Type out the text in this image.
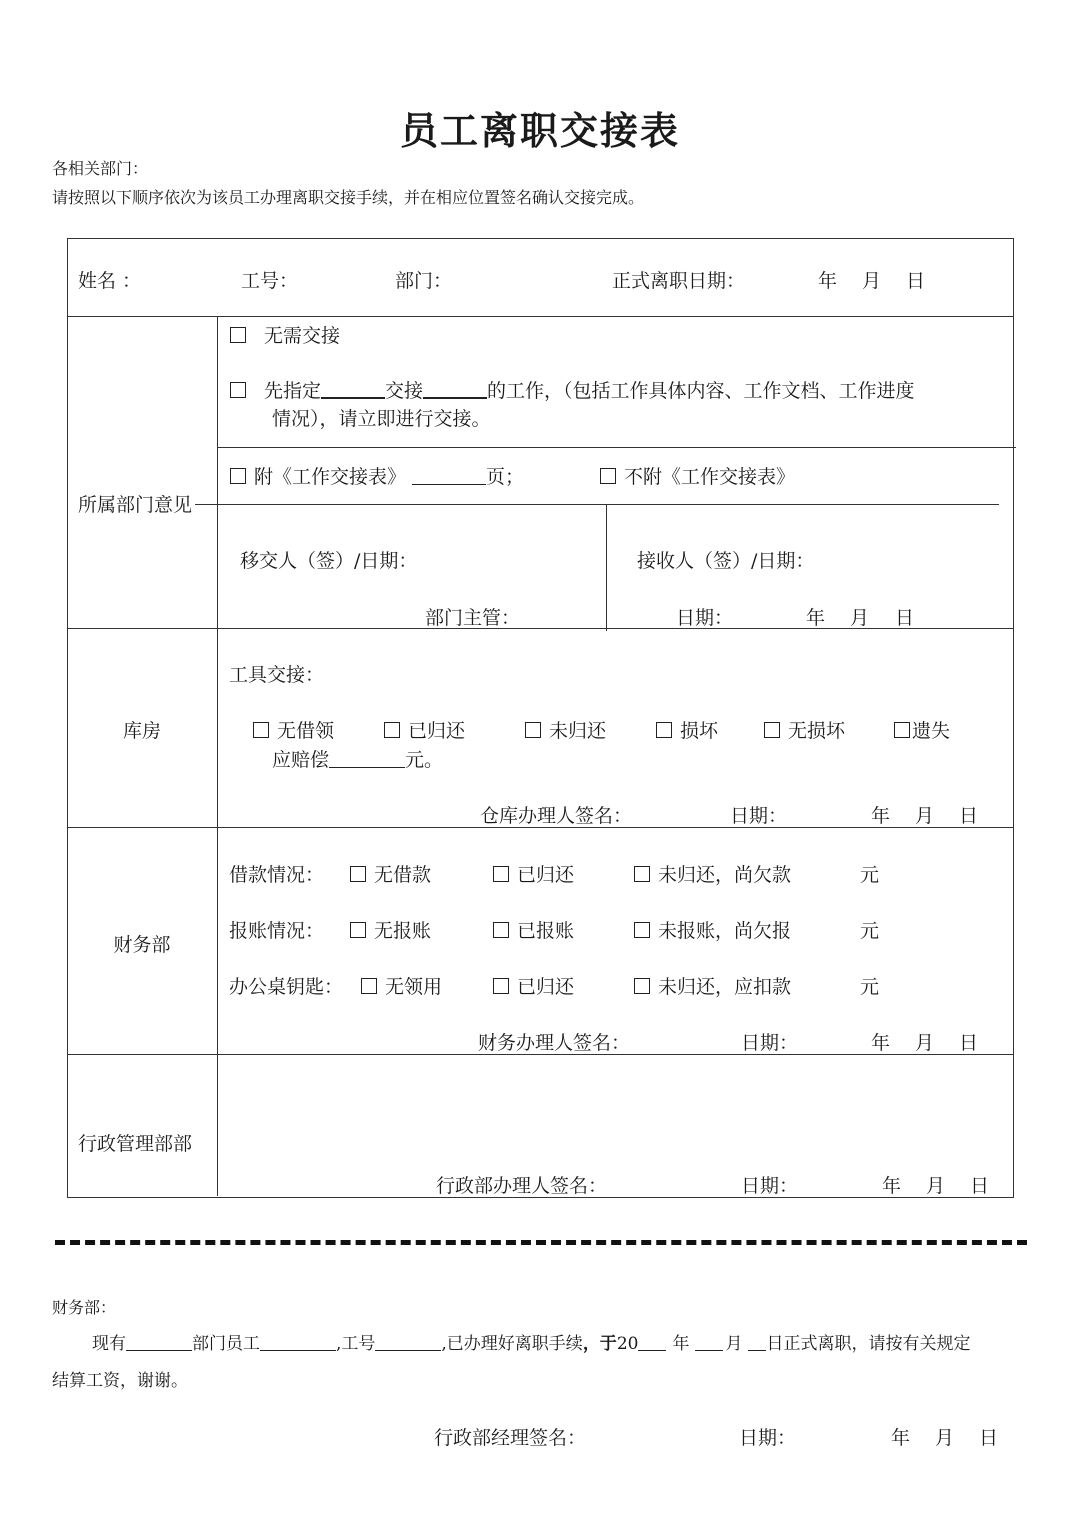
员工离职交接表
各相关部门：
请按照以下顺序依次为该员工办理离职交接手续，并在相应位置签名确认交接完成。
姓名 ：	工号：	部门：	正式离职日期：	年 月 日
所属部门意见
无需交接
先指定	交接	的工作，（包括工作具体内容、工作文档、工作进度
情况），请立即进行交接。
附《工作交接表》	页；	不附《工作交接表》
移交人（签）/日期：	接收人（签）/日期：
部门主管：	日期：	年 月 日
库房
工具交接：
无借领	已归还	未归还	损坏	无损坏	遗失
应赔偿	元。
仓库办理人签名：	日期：	年 月 日
财务部
借款情况：	无借款	已归还	未归还，尚欠款	元
报账情况：	无报账	已报账	未报账，尚欠报	元
办公桌钥匙：	无领用	已归还	未归还，应扣款	元
财务办理人签名：	日期：	年 月 日
行政管理部部
行政部办理人签名：	日期：	年 月 日
财务部：
现有	部门员工	,工号	,已办理好离职手续，于20 年 月 日正式离职，请按有关规定
结算工资，谢谢。
行政部经理签名：	日期：	年 月 日
